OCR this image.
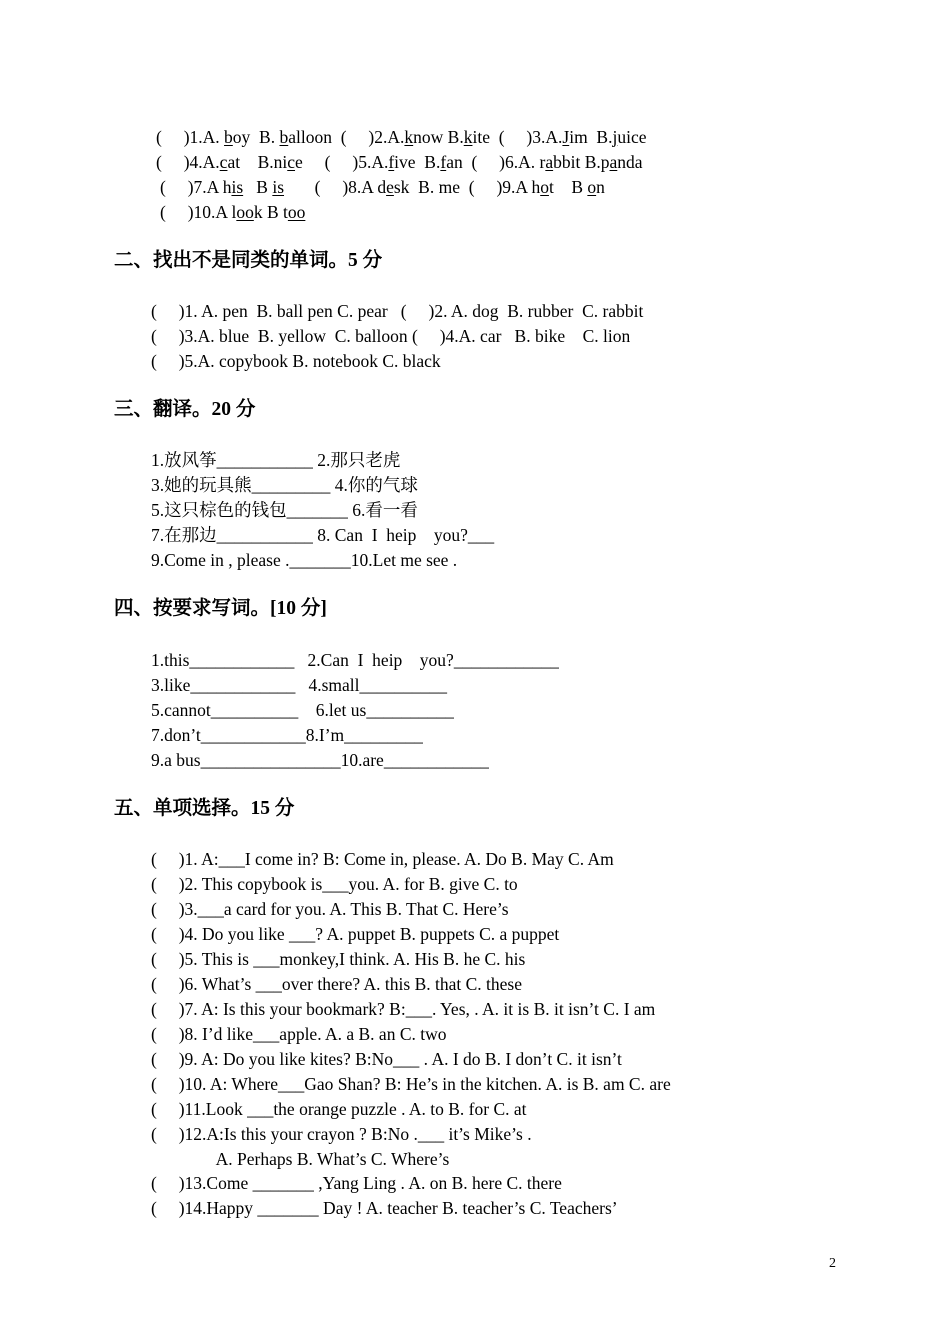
(     )1.A. boy  B. balloon  (     )2.A.know B.kite  (     )3.A.Jim  B.juice
(     )4.A.cat    B.nice     (     )5.A.five  B.fan  (     )6.A. rabbit B.panda
(     )7.A his   B is       (     )8.A desk  B. me  (     )9.A hot    B on
(     )10.A look B too
二、找出不是同类的单词。5 分
(     )1. A. pen  B. ball pen C. pear   (     )2. A. dog  B. rubber  C. rabbit
(     )3.A. blue  B. yellow  C. balloon (     )4.A. car   B. bike    C. lion
(     )5.A. copybook B. notebook C. black
三、翻译。20 分
1.放风筝___________ 2.那只老虎
3.她的玩具熊_________ 4.你的气球
5.这只棕色的钱包_______ 6.看一看
7.在那边___________ 8. Can  I  heip    you?___
9.Come in , please ._______10.Let me see .
四、按要求写词。[10 分]
1.this____________   2.Can  I  heip    you?____________
3.like____________   4.small__________
5.cannot__________    6.let us__________
7.don’t____________8.I’m_________
9.a bus________________10.are____________
五、单项选择。15 分
(     )1. A:___I come in? B: Come in, please. A. Do B. May C. Am
(     )2. This copybook is___you. A. for B. give C. to
(     )3.___a card for you. A. This B. That C. Here’s
(     )4. Do you like ___? A. puppet B. puppets C. a puppet
(     )5. This is ___monkey,I think. A. His B. he C. his
(     )6. What’s ___over there? A. this B. that C. these
(     )7. A: Is this your bookmark? B:___. Yes, . A. it is B. it isn’t C. I am
(     )8. I’d like___apple. A. a B. an C. two
(     )9. A: Do you like kites? B:No___ . A. I do B. I don’t C. it isn’t
(     )10. A: Where___Gao Shan? B: He’s in the kitchen. A. is B. am C. are
(     )11.Look ___the orange puzzle . A. to B. for C. at
(     )12.A:Is this your crayon ? B:No .___ it’s Mike’s .
A. Perhaps B. What’s C. Where’s
(     )13.Come _______ ,Yang Ling . A. on B. here C. there
(     )14.Happy _______ Day ! A. teacher B. teacher’s C. Teachers’
2
